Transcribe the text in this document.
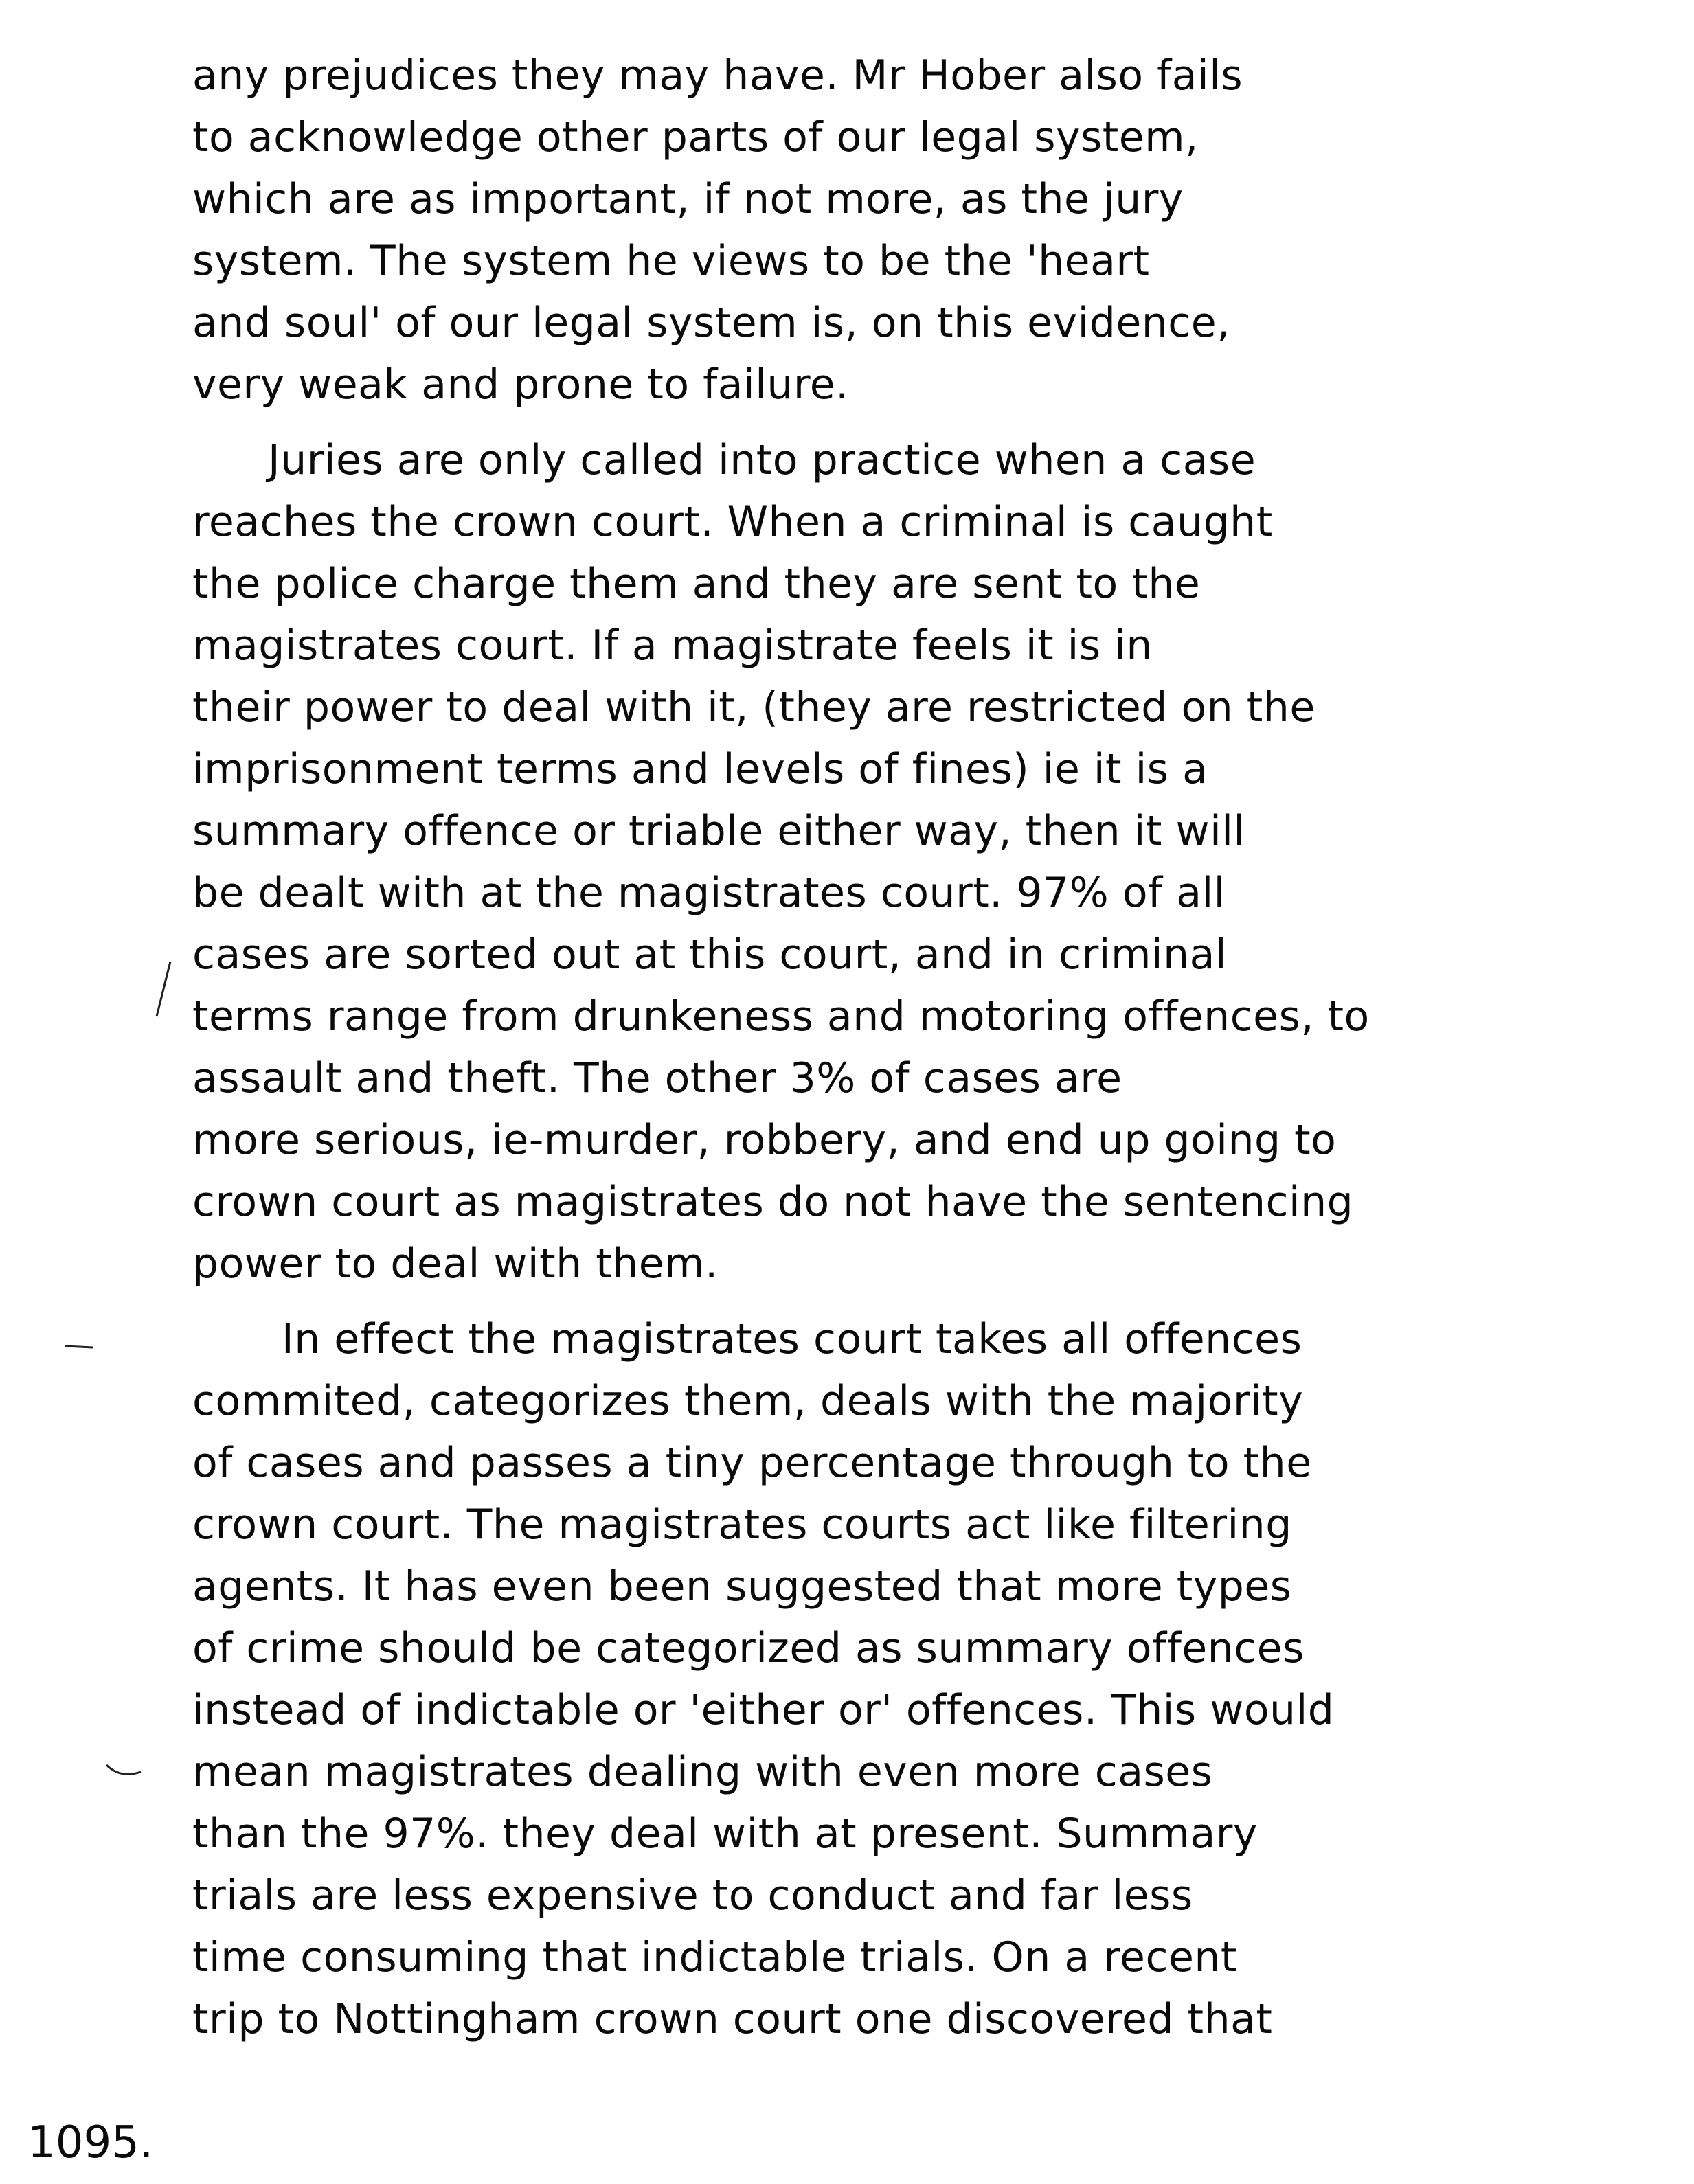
any prejudices they may have. Mr Hober also fails
to acknowledge other parts of our legal system,
which are as important, if not more, as the jury
system. The system he views to be the 'heart
and soul' of our legal system is, on this evidence,
very weak and prone to failure.
Juries are only called into practice when a case
reaches the crown court. When a criminal is caught
the police charge them and they are sent to the
magistrates court. If a magistrate feels it is in
their power to deal with it, (they are restricted on the
imprisonment terms and levels of fines) ie it is a
summary offence or triable either way, then it will
be dealt with at the magistrates court. 97% of all
cases are sorted out at this court, and in criminal
terms range from drunkeness and motoring offences, to
assault and theft. The other 3% of cases are
more serious, ie-murder, robbery, and end up going to
crown court as magistrates do not have the sentencing
power to deal with them.
In effect the magistrates court takes all offences
commited, categorizes them, deals with the majority
of cases and passes a tiny percentage through to the
crown court. The magistrates courts act like filtering
agents. It has even been suggested that more types
of crime should be categorized as summary offences
instead of indictable or 'either or' offences. This would
mean magistrates dealing with even more cases
than the 97%. they deal with at present. Summary
trials are less expensive to conduct and far less
time consuming that indictable trials. On a recent
trip to Nottingham crown court one discovered that
1095.
